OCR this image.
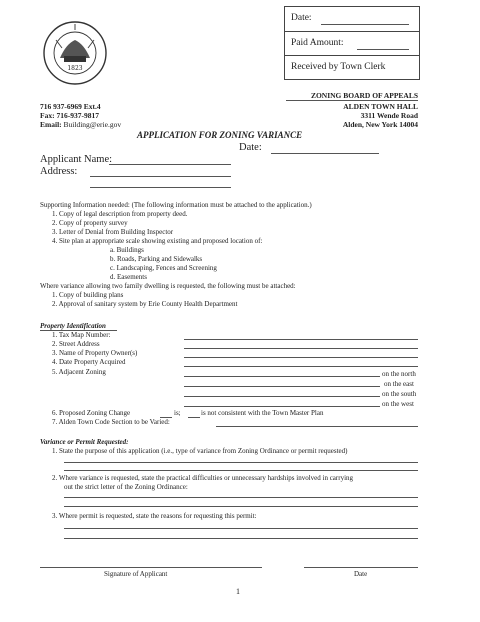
1823
Date:
Paid Amount:
Received by Town Clerk
ZONING BOARD OF APPEALS
ALDEN TOWN HALL
3311 Wende Road
Alden, New York 14004
716 937-6969 Ext.4
Fax: 716-937-9817
Email: Building@erie.gov
APPLICATION FOR ZONING VARIANCE
Date:
Applicant Name:
Address:
Supporting Information needed: (The following information must be attached to the application.)
1. Copy of legal description from property deed.
2. Copy of property survey
3. Letter of Denial from Building Inspector
4. Site plan at appropriate scale showing existing and proposed location of:
a. Buildings
b. Roads, Parking and Sidewalks
c. Landscaping, Fences and Screening
d. Easements
Where variance allowing two family dwelling is requested, the following must be attached:
1. Copy of building plans
2. Approval of sanitary system by Erie County Health Department
Property Identification
1. Tax Map Number:
2. Street Address
3. Name of Property Owner(s)
4. Date Property Acquired
5. Adjacent Zoning	on the north
on the east
on the south
on the west
6. Proposed Zoning Change	is;	is not consistent with the Town Master Plan
7. Alden Town Code Section to be Varied:
Variance or Permit Requested:
1. State the purpose of this application (i.e., type of variance from Zoning Ordinance or permit requested)
2. Where variance is requested, state the practical difficulties or unnecessary hardships involved in carrying
out the strict letter of the Zoning Ordinance:
3. Where permit is requested, state the reasons for requesting this permit:
Signature of Applicant	Date
1
